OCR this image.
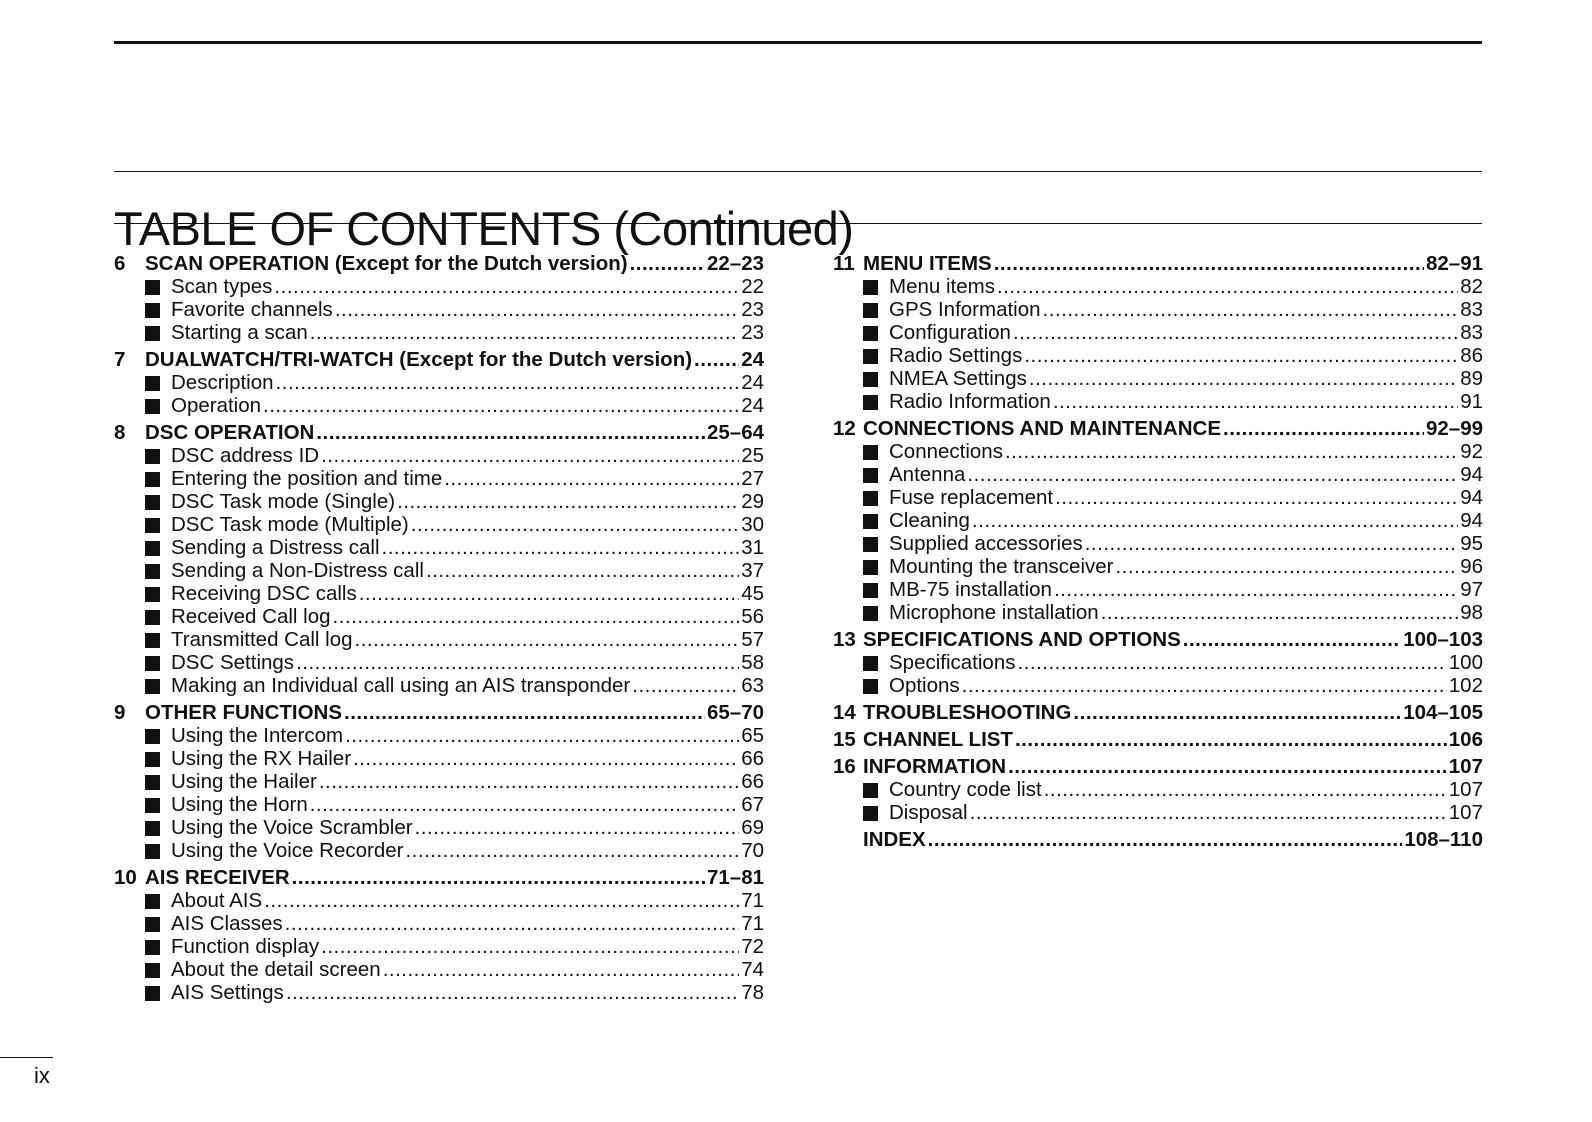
TABLE OF CONTENTS (Continued)
6 SCAN OPERATION (Except for the Dutch version) .....	22–23
Scan types .....	22
Favorite channels .....	23
Starting a scan .....	23
7 DUALWATCH/TRI-WATCH (Except for the Dutch version) ..... 24
Description .....	24
Operation .....	24
8 DSC OPERATION .....	25–64
DSC address ID .....	25
Entering the position and time .....	27
DSC Task mode (Single) .....	29
DSC Task mode (Multiple) .....	30
Sending a Distress call .....	31
Sending a Non-Distress call .....	37
Receiving DSC calls .....	45
Received Call log .....	56
Transmitted Call log .....	57
DSC Settings .....	58
Making an Individual call using an AIS transponder .....	63
9 OTHER FUNCTIONS .....	65–70
Using the Intercom .....	65
Using the RX Hailer .....	66
Using the Hailer .....	66
Using the Horn .....	67
Using the Voice Scrambler .....	69
Using the Voice Recorder .....	70
10 AIS RECEIVER .....	71–81
About AIS .....	71
AIS Classes .....	71
Function display .....	72
About the detail screen .....	74
AIS Settings .....	78
11 MENU ITEMS .....	82–91
Menu items .....	82
GPS Information .....	83
Configuration .....	83
Radio Settings .....	86
NMEA Settings .....	89
Radio Information .....	91
12 CONNECTIONS AND MAINTENANCE .....	92–99
Connections .....	92
Antenna .....	94
Fuse replacement .....	94
Cleaning .....	94
Supplied accessories .....	95
Mounting the transceiver .....	96
MB-75 installation .....	97
Microphone installation .....	98
13 SPECIFICATIONS AND OPTIONS .....	100–103
Specifications .....	100
Options .....	102
14 TROUBLESHOOTING .....	104–105
15 CHANNEL LIST .....	106
16 INFORMATION .....	107
Country code list .....	107
Disposal .....	107
INDEX .....	108–110
ix
